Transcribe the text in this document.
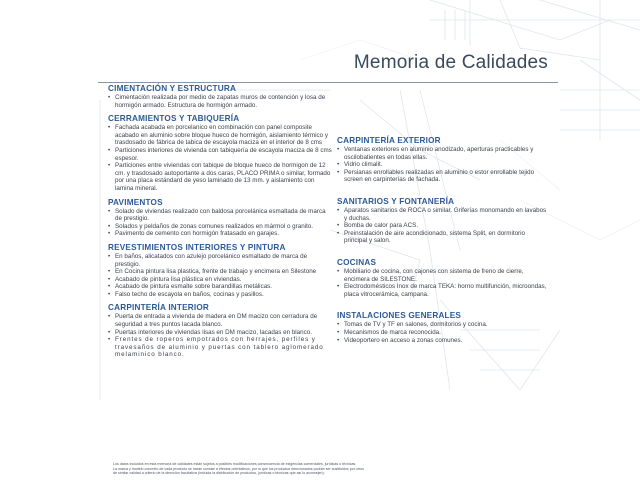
Memoria de Calidades
CIMENTACIÓN Y ESTRUCTURA
• Cimentación realizada por medio de zapatas muros de contención y losa de hormigón armado. Estructura de hormigón armado.
CERRAMIENTOS Y TABIQUERÍA
• Fachada acabada en porcelanico en combinación con panel composite acabado en aluminio sobre bloque hueco de hormigón, aislamiento térmico y trasdosado de fábrica de tabica de escayola maciza en el interior de 8 cms
• Particiones interiores de vivienda con tabiquería de escayola maciza de 8 cms espesor.
• Particiones entre viviendas con tabique de bloque hueco de hormigon de 12 cm. y trasdosado autoportante a dos caras, PLACO PRIMA o similar, formado por una placa estándard de yeso laminado de 13 mm. y aislamiento con lamina mineral.
PAVIMENTOS
• Solado de viviendas realizado con baldosa porcelánica esmaltada de marca de prestigio.
• Solados y peldaños de zonas comunes realizados en mármol o granito.
• Pavimento de cemento con hormigón fratasado en garajes.
REVESTIMIENTOS INTERIORES Y PINTURA
• En baños, alicatados con azulejo porcelánico esmaltado de marca de prestigio.
• En Cocina pintura lisa plastica, frente de trabajo y encimera en Silestone
• Acabado de pintura lisa plástica en viviendas.
• Acabado de pintura esmalte sobre barandillas metálicas.
• Falso techo de escayola en baños, cocinas y pasillos.
CARPINTERÍA INTERIOR
• Puerta de entrada a vivienda de madera en DM macizo con cerradura de seguridad a tres puntos lacada blanco.
• Puertas interiores de viviendas lisas en DM macizo, lacadas en blanco.
• Frentes de roperos empotrados con herrajes, perfiles y travesaños de aluminio y puertas con tablero aglomerado melaminico blanco.
CARPINTERÍA EXTERIOR
• Ventanas exteriores en aluminio anodizado, aperturas practicables y oscilobatientes en todas ellas.
• Vidrio climalit.
• Persianas enrollables realizadas en aluminio o estor enrollable tejido screen en carpinterías de fachada.
SANITARIOS Y FONTANERÍA
• Aparatos sanitarios de ROCA o similar. Griferías monomando en lavabos y duchas.
• Bomba de calor para ACS.
• Preinstalación de aire acondicionado, sistema Split, en dormitorio principal y salon.
COCINAS
• Mobiliario de cocina, con cajones con sistema de freno de cierre, encimera de SILESTONE.
• Electrodomésticos Inox de marca TEKA: horno multifunción, microondas, placa vitrocerámica, campana.
INSTALACIONES GENERALES
• Tomas de TV y TF en salones, dormitorios y cocina.
• Mecanismos de marca reconocida.
• Videoportero en acceso a zonas comunes.

Los datos incluidos en esta memoria de calidades están sujetos a posibles modificaciones consecuencia de exigencias comerciales, jurídicas o técnicas.

La marca y modelo concreto de cada producto se harán constar a efectos orientativos, por lo que los productos mencionados podrán ser sustituidos por otros

de similar calidad a criterio de la dirección facultativa (incluida la distribución de productos, jurídicas o técnicas que así lo aconsejen).
